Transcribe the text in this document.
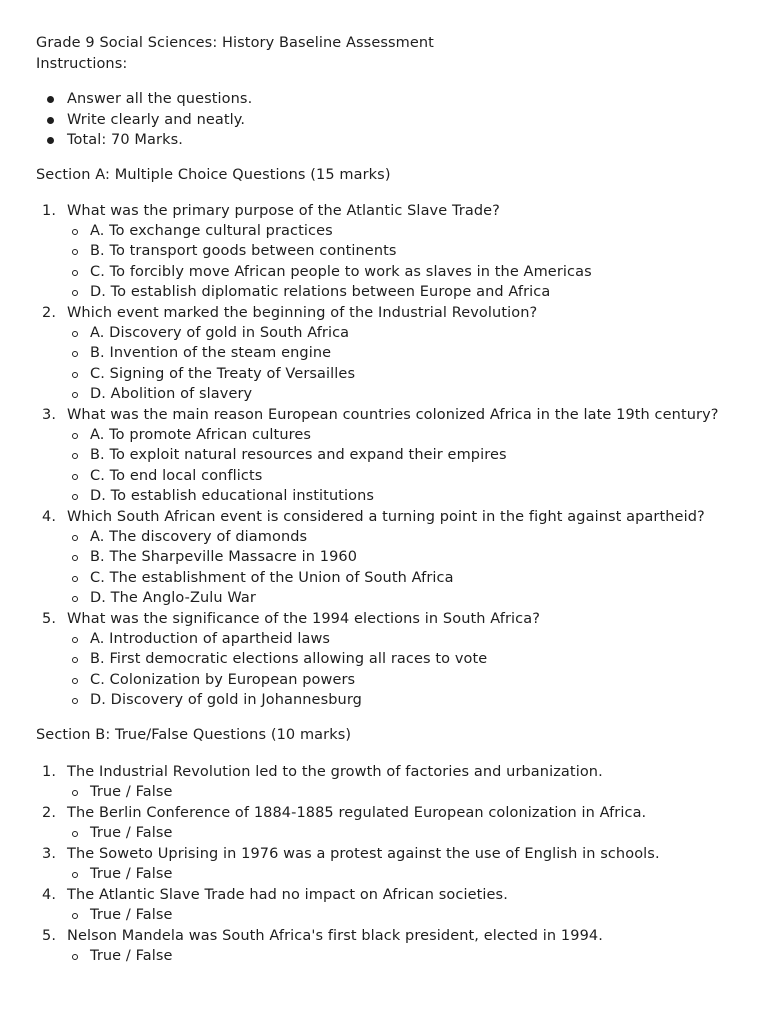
Grade 9 Social Sciences: History Baseline Assessment

Instructions:

Answer all the questions.
Write clearly and neatly.
Total: 70 Marks.
Section A: Multiple Choice Questions (15 marks)
1. What was the primary purpose of the Atlantic Slave Trade?
A. To exchange cultural practices
B. To transport goods between continents
C. To forcibly move African people to work as slaves in the Americas
D. To establish diplomatic relations between Europe and Africa
2. Which event marked the beginning of the Industrial Revolution?
A. Discovery of gold in South Africa
B. Invention of the steam engine
C. Signing of the Treaty of Versailles
D. Abolition of slavery
3. What was the main reason European countries colonized Africa in the late 19th century?
A. To promote African cultures
B. To exploit natural resources and expand their empires
C. To end local conflicts
D. To establish educational institutions
4. Which South African event is considered a turning point in the fight against apartheid?
A. The discovery of diamonds
B. The Sharpeville Massacre in 1960
C. The establishment of the Union of South Africa
D. The Anglo-Zulu War
5. What was the significance of the 1994 elections in South Africa?
A. Introduction of apartheid laws
B. First democratic elections allowing all races to vote
C. Colonization by European powers
D. Discovery of gold in Johannesburg
Section B: True/False Questions (10 marks)
1. The Industrial Revolution led to the growth of factories and urbanization.
True / False
2. The Berlin Conference of 1884-1885 regulated European colonization in Africa.
True / False
3. The Soweto Uprising in 1976 was a protest against the use of English in schools.
True / False
4. The Atlantic Slave Trade had no impact on African societies.
True / False
5. Nelson Mandela was South Africa's first black president, elected in 1994.
True / False
